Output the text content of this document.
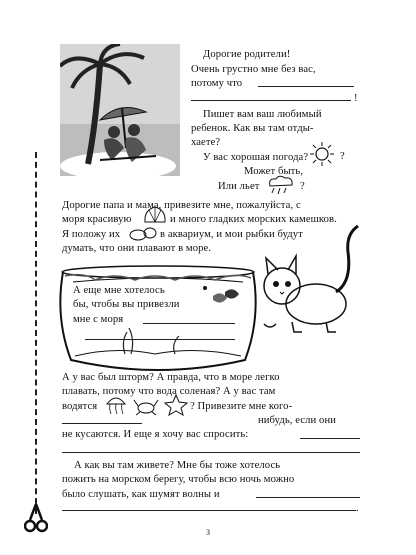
Дорогие родители!
Очень грустно мне без вас,
потому что
!
Пишет вам ваш любимый
ребенок. Как вы там отды-
хаете?
У вас хорошая погода?
Может быть,
Или льет
?
?
Дорогие папа и мама, привезите мне, пожалуйста, с
моря красивую	и много гладких морских камешков.
Я положу их	в аквариум, и мои рыбки будут
думать, что они плавают в море.
А еще мне хотелось
бы, чтобы вы привезли
мне с моря
А у вас был шторм? А правда, что в море легко
плавать, потому что вода соленая? А у вас там
водятся	? Привезите мне кого-
нибудь, если они
не кусаются. И еще я хочу вас спросить:
А как вы там живете? Мне бы тоже хотелось
пожить на морском берегу, чтобы всю ночь можно
было слушать, как шумят волны и
.
3
